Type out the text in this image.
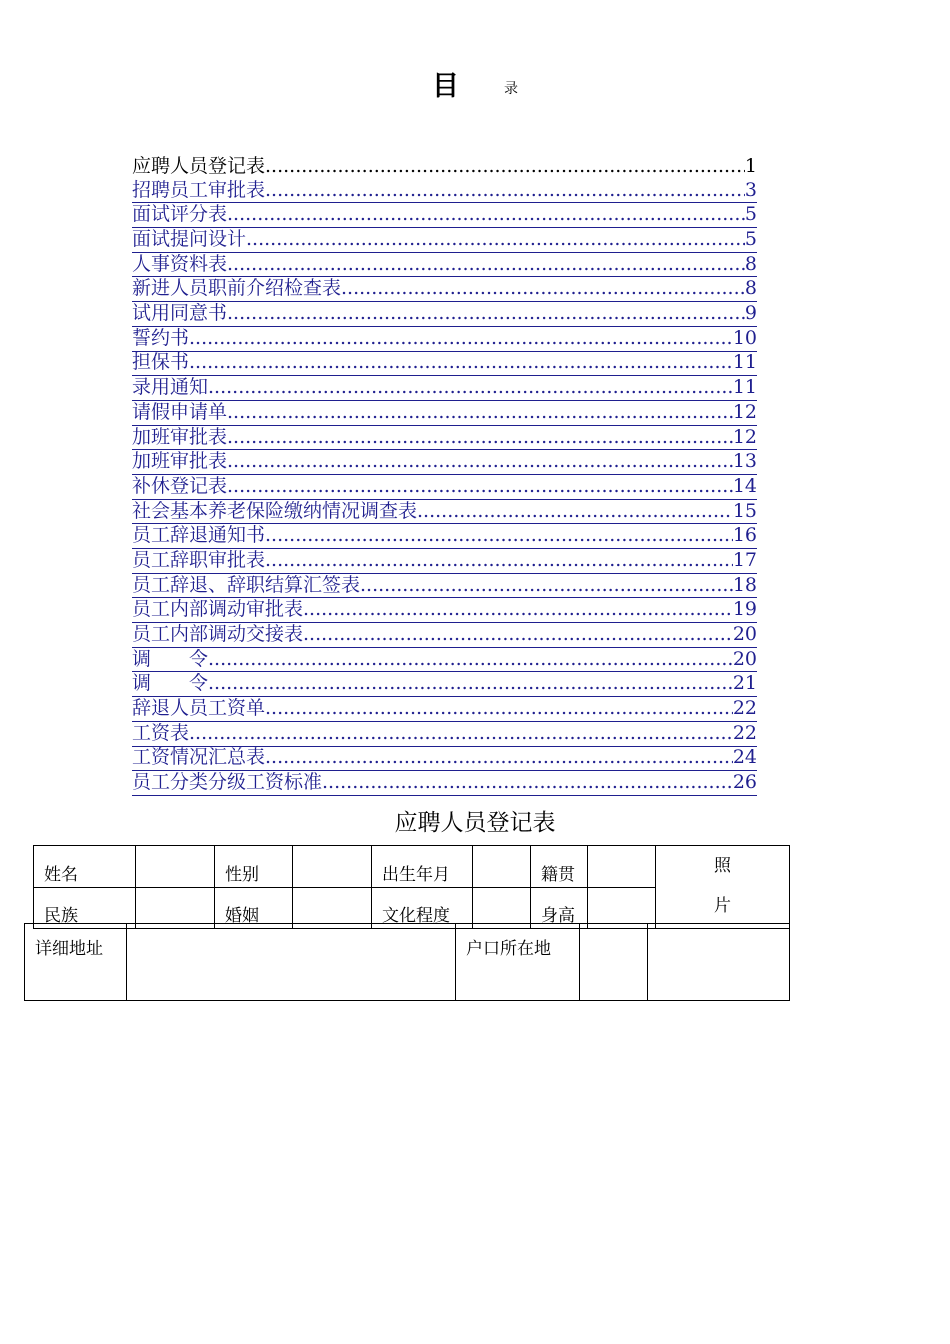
目	录
应聘人员登记表 .....	1
招聘员工审批表 .....	3
面试评分表 .....	5
面试提问设计 .....	5
人事资料表 .....	8
新进人员职前介绍检查表 .....	8
试用同意书 .....	9
誓约书 .....	10
担保书 .....	11
录用通知 .....	11
请假申请单 .....	12
加班审批表 .....	12
加班审批表 .....	13
补休登记表 .....	14
社会基本养老保险缴纳情况调查表 .....	15
员工辞退通知书 .....	16
员工辞职审批表 .....	17
员工辞退、辞职结算汇签表 .....	18
员工内部调动审批表 .....	19
员工内部调动交接表 .....	20
调　　令 .....	20
调　　令 .....	21
辞退人员工资单 .....	22
工资表 .....	22
工资情况汇总表 .....	24
员工分类分级工资标准 .....	26
应聘人员登记表
姓名		性别		出生年月		籍贯		照
片

民族		婚姻		文化程度		身高		
详细地址		户口所在地		
